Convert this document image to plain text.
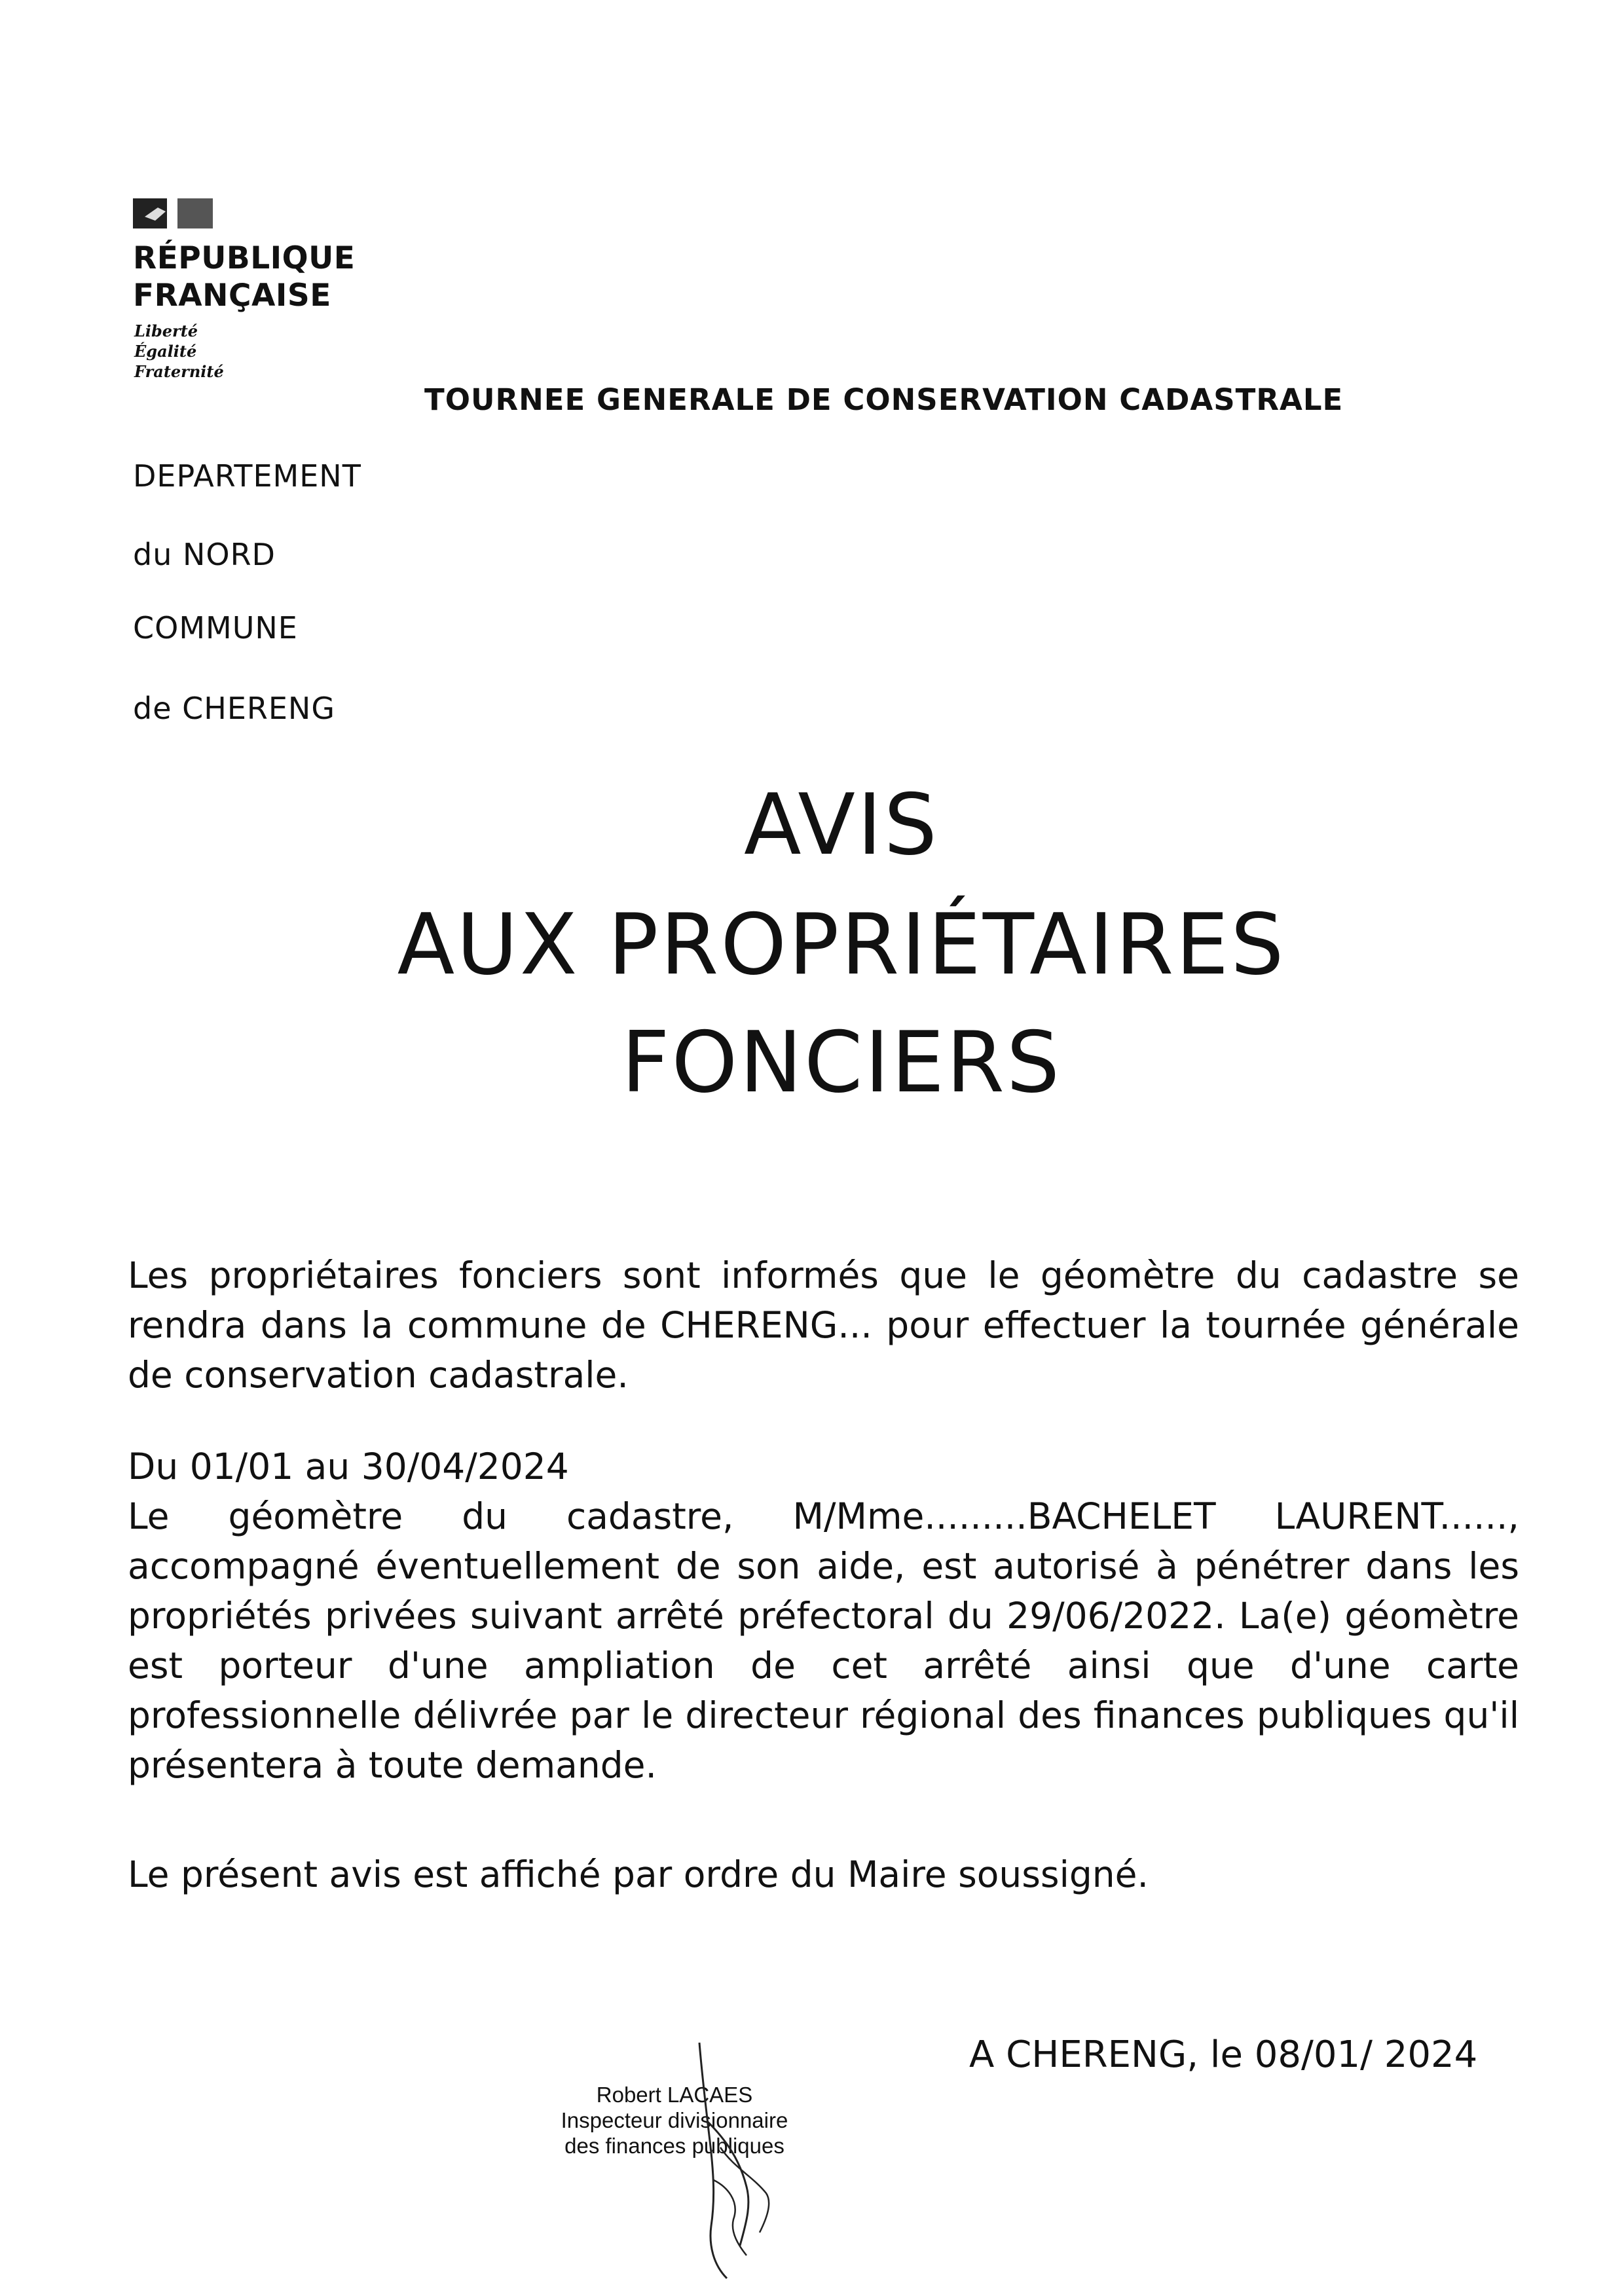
RÉPUBLIQUE
FRANÇAISE
Liberté
Égalité
Fraternité
TOURNEE GENERALE DE CONSERVATION CADASTRALE
DEPARTEMENT
du NORD
COMMUNE
de CHERENG
AVIS
AUX PROPRIÉTAIRES
FONCIERS

Les propriétaires fonciers sont informés que le géomètre du cadastre se rendra dans la commune de CHERENG... pour effectuer la tournée générale de conservation cadastrale.

Du 01/01 au 30/04/2024

Le géomètre du cadastre, M/Mme.........BACHELET LAURENT......, accompagné éventuellement de son aide, est autorisé à pénétrer dans les propriétés privées suivant arrêté préfectoral du 29/06/2022. La(e) géomètre est porteur d'une ampliation de cet arrêté ainsi que d'une carte professionnelle délivrée par le directeur régional des finances publiques qu'il présentera à toute demande.

Le présent avis est affiché par ordre du Maire soussigné.

A CHERENG, le 08/01/ 2024
Robert LACAES
Inspecteur divisionnaire
des finances publiques
